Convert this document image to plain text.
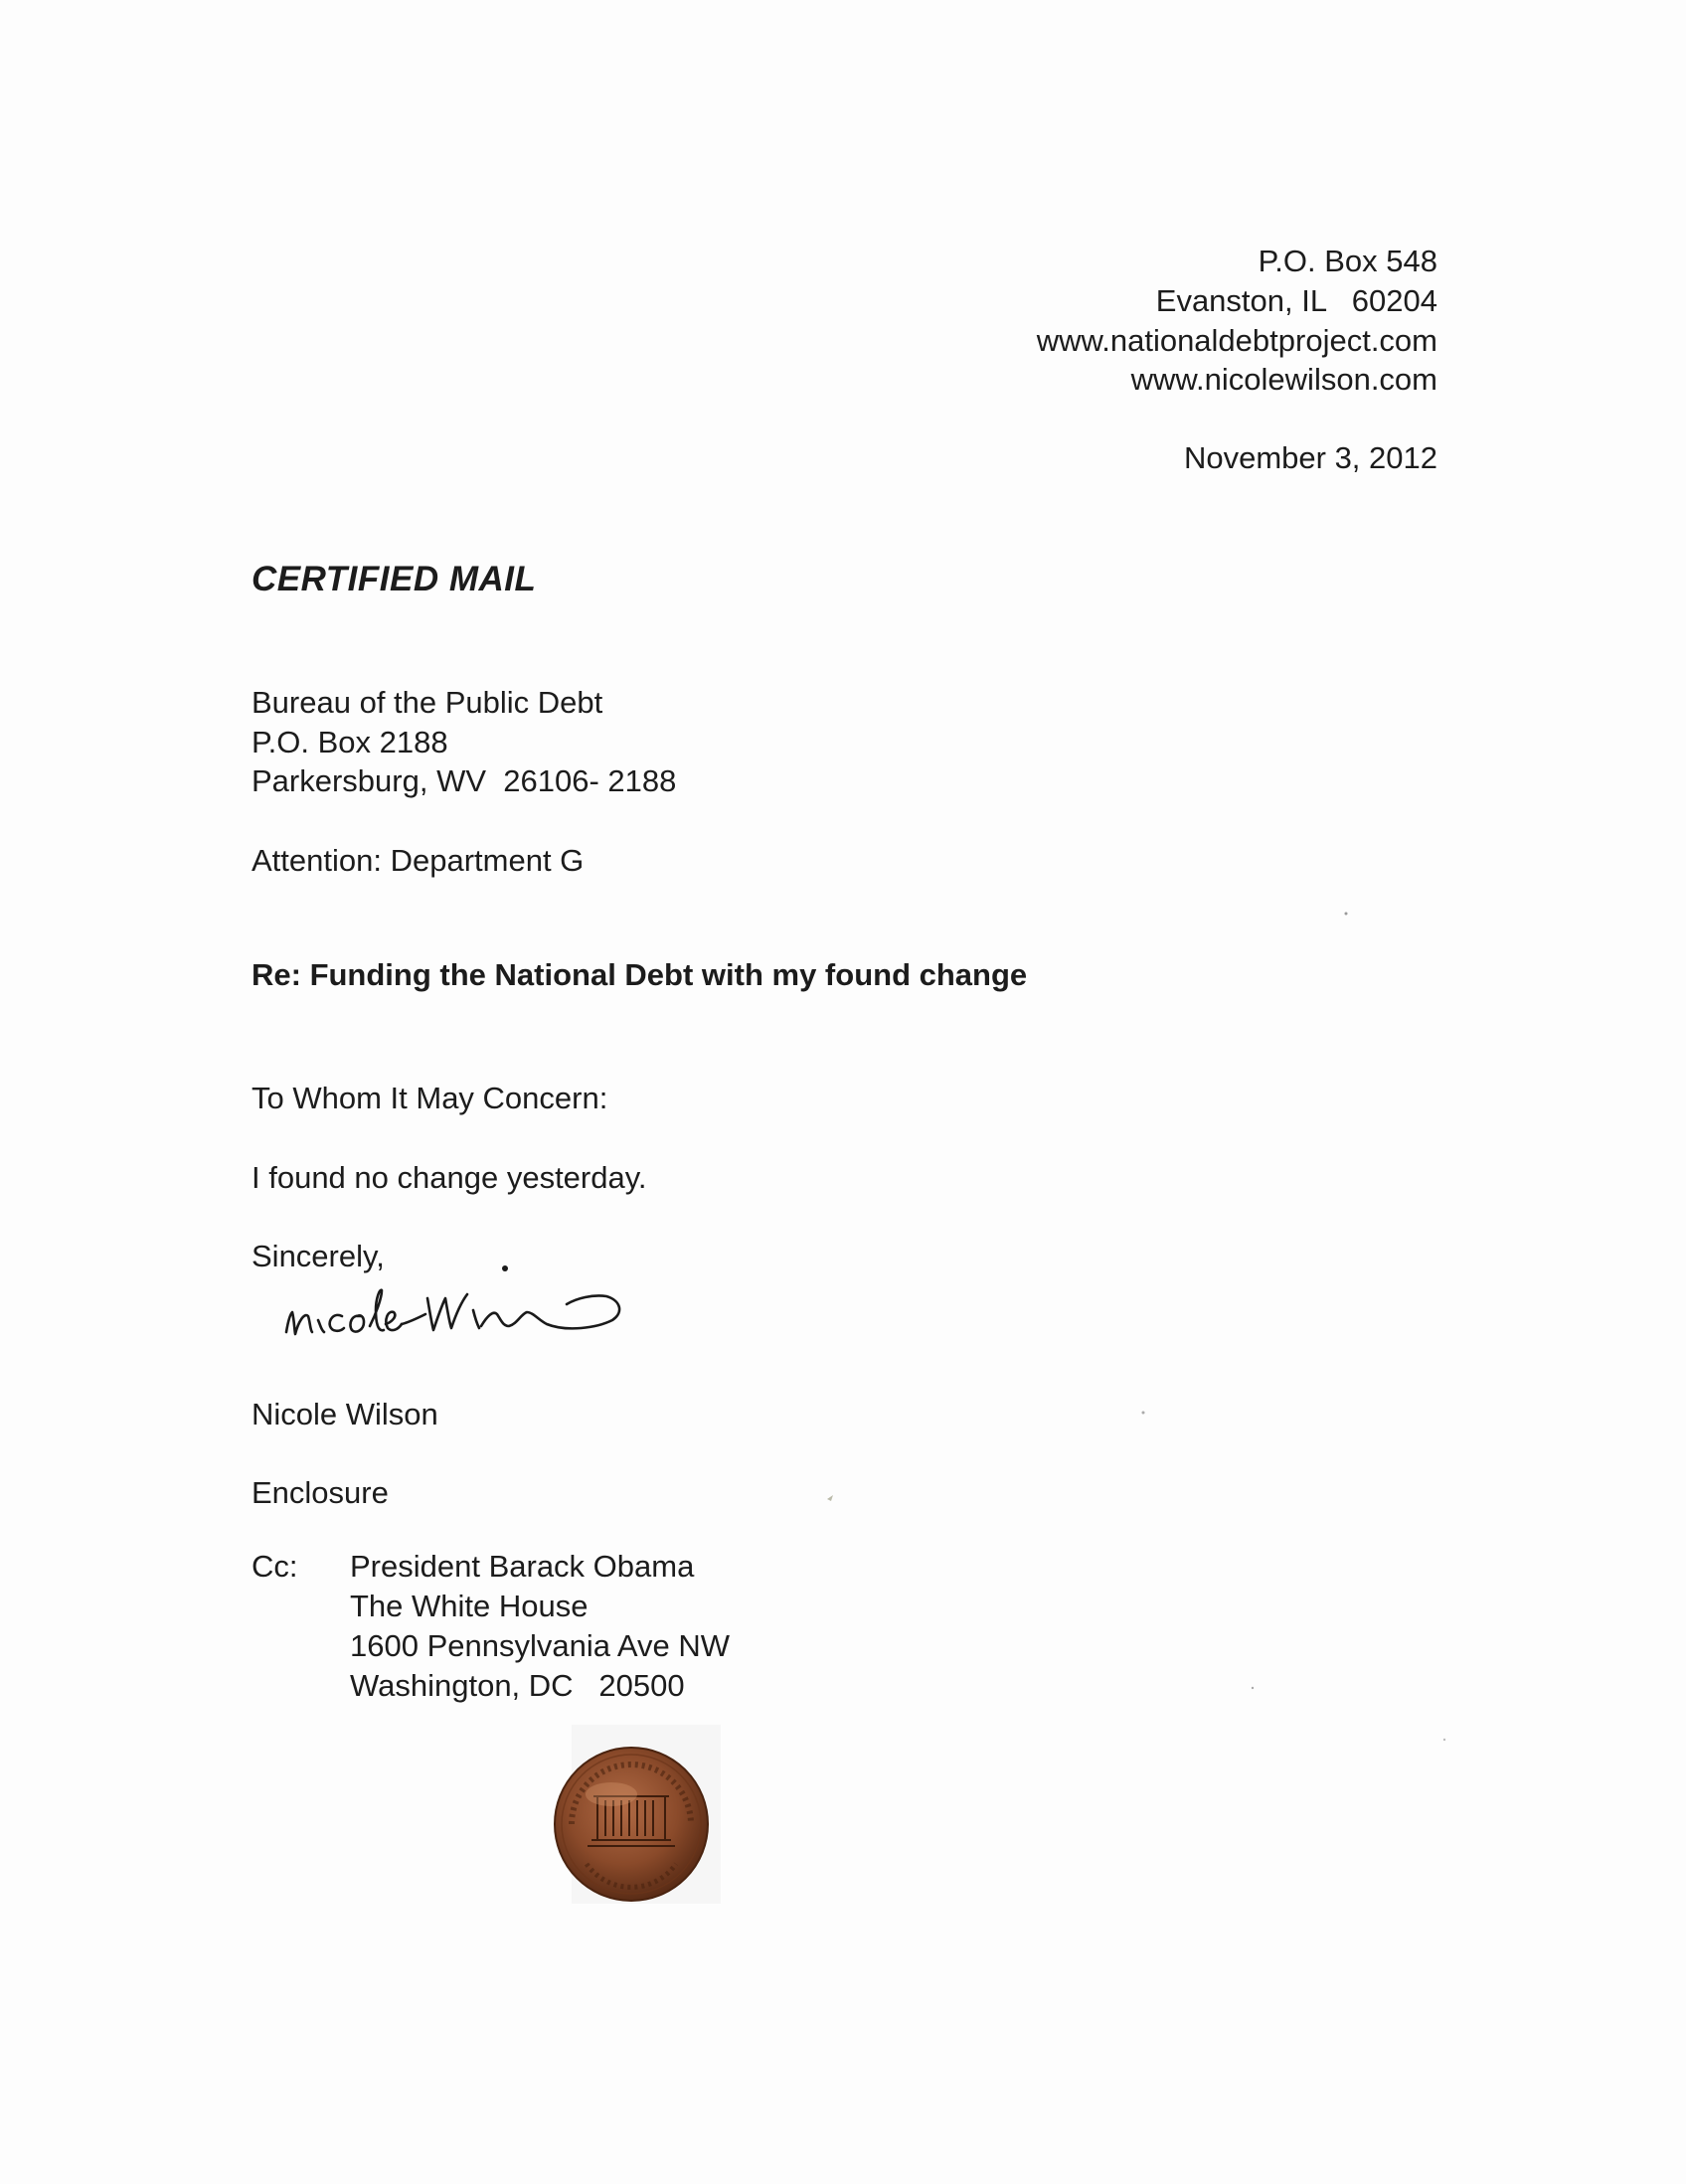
P.O. Box 548
Evanston, IL   60204
www.nationaldebtproject.com
www.nicolewilson.com
November 3, 2012
CERTIFIED MAIL
Bureau of the Public Debt
P.O. Box 2188
Parkersburg, WV  26106- 2188
Attention: Department G
Re: Funding the National Debt with my found change
To Whom It May Concern:
I found no change yesterday.
Sincerely,
Nicole Wilson
Enclosure
Cc: President Barack Obama
The White House
1600 Pennsylvania Ave NW
Washington, DC   20500
